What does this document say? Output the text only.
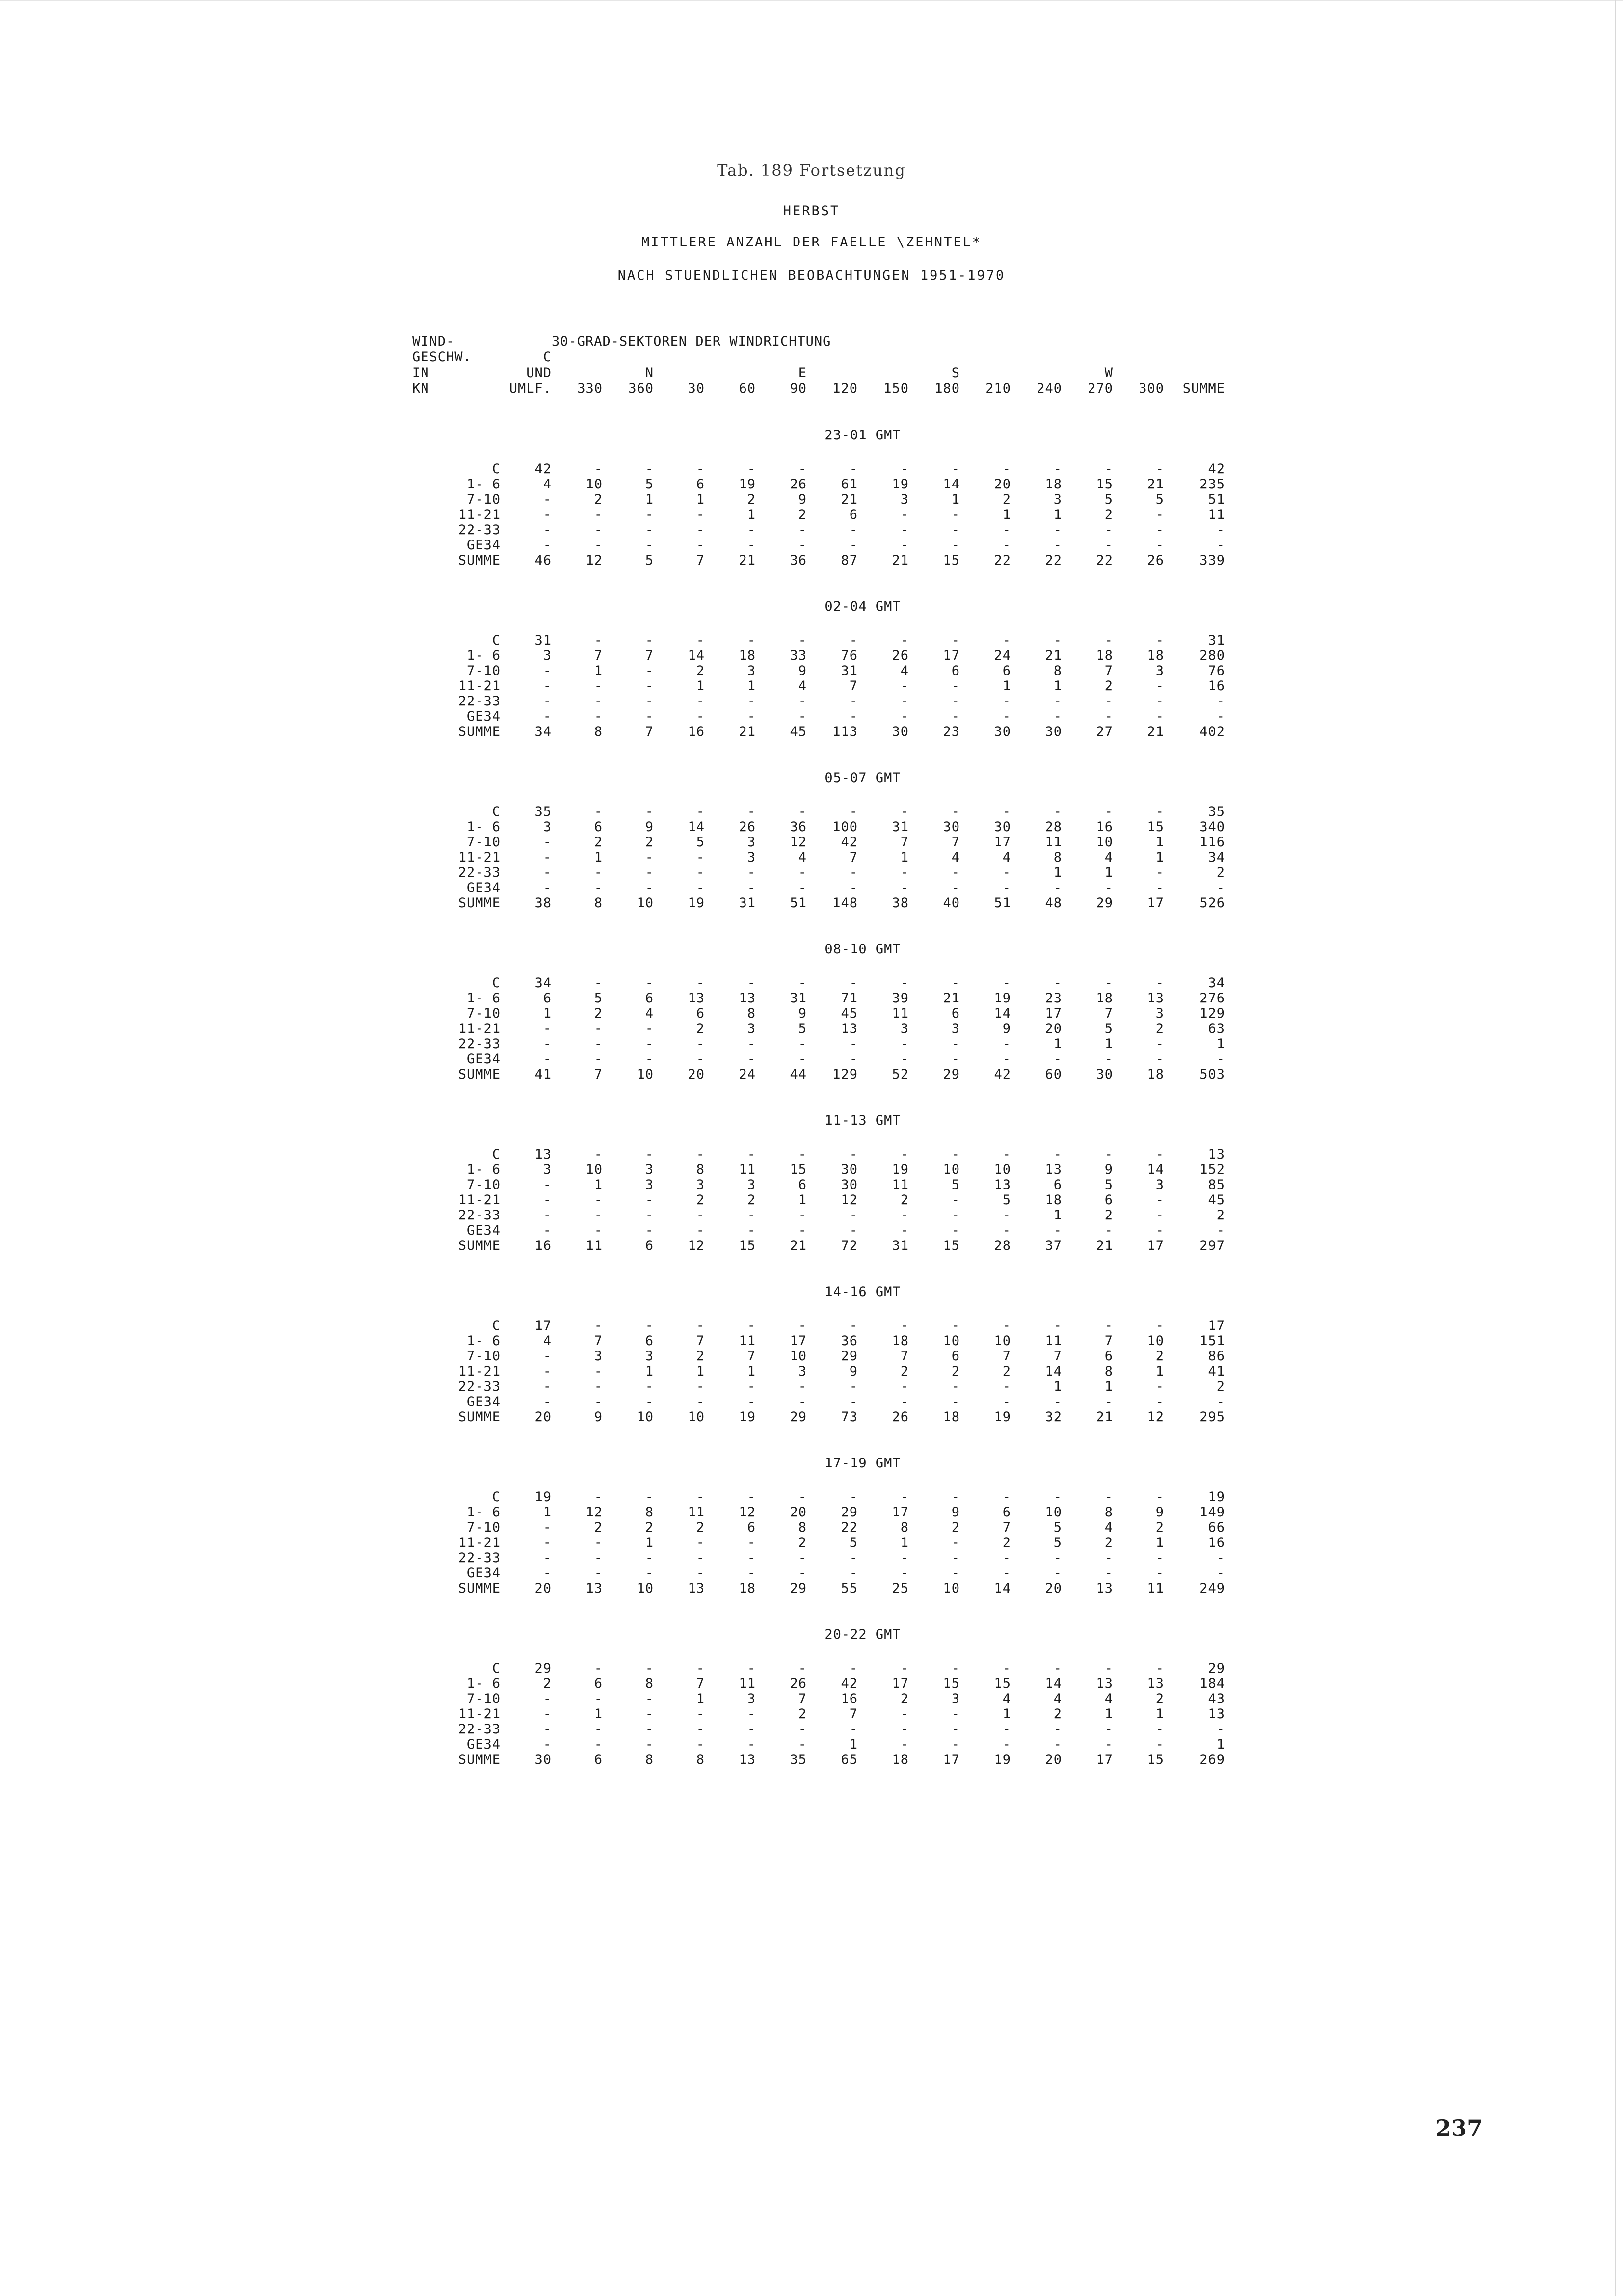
Tab. 189 Fortsetzung
HERBST
MITTLERE ANZAHL DER FAELLE \ZEHNTEL*
NACH STUENDLICHEN BEOBACHTUNGEN 1951-1970
WIND-		30-GRAD-SEKTOREN DER WINDRICHTUNG												
GESCHW.	C													
IN	UND		N			E			S			W		
KN	UMLF.	330	360	30	60	90	120	150	180	210	240	270	300	SUMME

	23-01 GMT													

C	42	-	-	-	-	-	-	-	-	-	-	-	-	42
1- 6	4	10	5	6	19	26	61	19	14	20	18	15	21	235
7-10	-	2	1	1	2	9	21	3	1	2	3	5	5	51
11-21	-	-	-	-	1	2	6	-	-	1	1	2	-	11
22-33	-	-	-	-	-	-	-	-	-	-	-	-	-	-
GE34	-	-	-	-	-	-	-	-	-	-	-	-	-	-
SUMME	46	12	5	7	21	36	87	21	15	22	22	22	26	339

	02-04 GMT													

C	31	-	-	-	-	-	-	-	-	-	-	-	-	31
1- 6	3	7	7	14	18	33	76	26	17	24	21	18	18	280
7-10	-	1	-	2	3	9	31	4	6	6	8	7	3	76
11-21	-	-	-	1	1	4	7	-	-	1	1	2	-	16
22-33	-	-	-	-	-	-	-	-	-	-	-	-	-	-
GE34	-	-	-	-	-	-	-	-	-	-	-	-	-	-
SUMME	34	8	7	16	21	45	113	30	23	30	30	27	21	402

	05-07 GMT													

C	35	-	-	-	-	-	-	-	-	-	-	-	-	35
1- 6	3	6	9	14	26	36	100	31	30	30	28	16	15	340
7-10	-	2	2	5	3	12	42	7	7	17	11	10	1	116
11-21	-	1	-	-	3	4	7	1	4	4	8	4	1	34
22-33	-	-	-	-	-	-	-	-	-	-	1	1	-	2
GE34	-	-	-	-	-	-	-	-	-	-	-	-	-	-
SUMME	38	8	10	19	31	51	148	38	40	51	48	29	17	526

	08-10 GMT													

C	34	-	-	-	-	-	-	-	-	-	-	-	-	34
1- 6	6	5	6	13	13	31	71	39	21	19	23	18	13	276
7-10	1	2	4	6	8	9	45	11	6	14	17	7	3	129
11-21	-	-	-	2	3	5	13	3	3	9	20	5	2	63
22-33	-	-	-	-	-	-	-	-	-	-	1	1	-	1
GE34	-	-	-	-	-	-	-	-	-	-	-	-	-	-
SUMME	41	7	10	20	24	44	129	52	29	42	60	30	18	503

	11-13 GMT													

C	13	-	-	-	-	-	-	-	-	-	-	-	-	13
1- 6	3	10	3	8	11	15	30	19	10	10	13	9	14	152
7-10	-	1	3	3	3	6	30	11	5	13	6	5	3	85
11-21	-	-	-	2	2	1	12	2	-	5	18	6	-	45
22-33	-	-	-	-	-	-	-	-	-	-	1	2	-	2
GE34	-	-	-	-	-	-	-	-	-	-	-	-	-	-
SUMME	16	11	6	12	15	21	72	31	15	28	37	21	17	297

	14-16 GMT													

C	17	-	-	-	-	-	-	-	-	-	-	-	-	17
1- 6	4	7	6	7	11	17	36	18	10	10	11	7	10	151
7-10	-	3	3	2	7	10	29	7	6	7	7	6	2	86
11-21	-	-	1	1	1	3	9	2	2	2	14	8	1	41
22-33	-	-	-	-	-	-	-	-	-	-	1	1	-	2
GE34	-	-	-	-	-	-	-	-	-	-	-	-	-	-
SUMME	20	9	10	10	19	29	73	26	18	19	32	21	12	295

	17-19 GMT													

C	19	-	-	-	-	-	-	-	-	-	-	-	-	19
1- 6	1	12	8	11	12	20	29	17	9	6	10	8	9	149
7-10	-	2	2	2	6	8	22	8	2	7	5	4	2	66
11-21	-	-	1	-	-	2	5	1	-	2	5	2	1	16
22-33	-	-	-	-	-	-	-	-	-	-	-	-	-	-
GE34	-	-	-	-	-	-	-	-	-	-	-	-	-	-
SUMME	20	13	10	13	18	29	55	25	10	14	20	13	11	249

	20-22 GMT													

C	29	-	-	-	-	-	-	-	-	-	-	-	-	29
1- 6	2	6	8	7	11	26	42	17	15	15	14	13	13	184
7-10	-	-	-	1	3	7	16	2	3	4	4	4	2	43
11-21	-	1	-	-	-	2	7	-	-	1	2	1	1	13
22-33	-	-	-	-	-	-	-	-	-	-	-	-	-	-
GE34	-	-	-	-	-	-	1	-	-	-	-	-	-	1
SUMME	30	6	8	8	13	35	65	18	17	19	20	17	15	269
237
